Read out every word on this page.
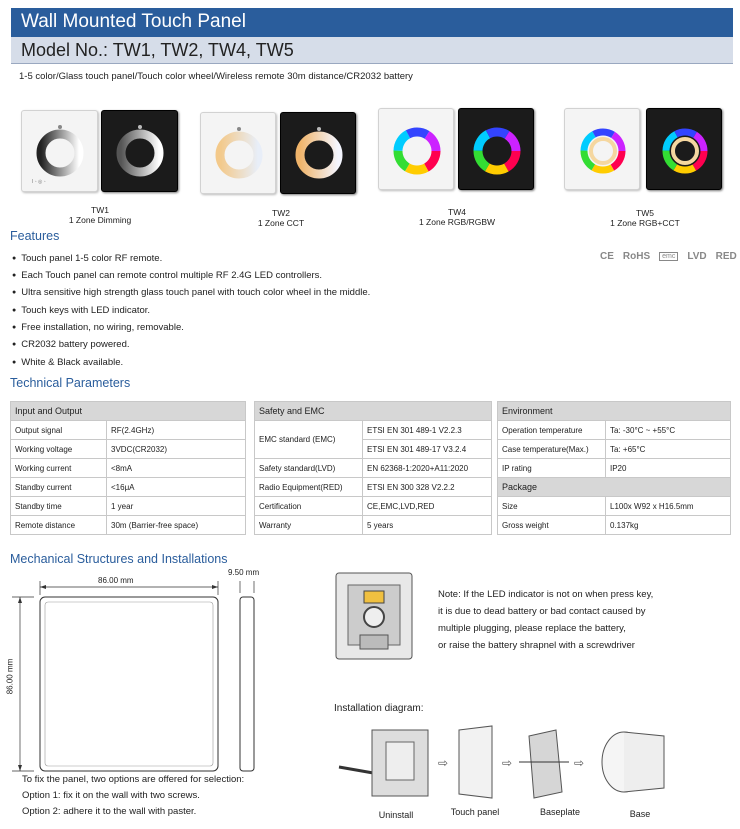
Wall Mounted Touch Panel
Model No.: TW1, TW2, TW4, TW5
1-5 color/Glass touch panel/Touch color wheel/Wireless remote 30m distance/CR2032 battery
I ◦ ◎ ◦
TW1
1 Zone Dimming
TW2
1 Zone CCT
TW4
1 Zone RGB/RGBW
TW5
1 Zone RGB+CCT
Features
● Touch panel 1-5 color RF remote.
● Each Touch panel can remote control multiple RF 2.4G LED controllers.
● Ultra sensitive high strength glass touch panel with touch color wheel in the middle.
● Touch keys with LED indicator.
● Free installation, no wiring, removable.
● CR2032 battery powered.
● White & Black available.
CE RoHS	emc	LVD RED
Technical Parameters
Input and Output	
Output signal	RF(2.4GHz)
Working voltage	3VDC(CR2032)
Working current	<8mA
Standby current	<16μA
Standby time	1 year
Remote distance	30m (Barrier-free space)
Safety and EMC	
EMC standard (EMC)	ETSI EN 301 489-1 V2.2.3
	ETSI EN 301 489-17 V3.2.4
Safety standard(LVD)	EN 62368-1:2020+A11:2020
Radio Equipment(RED)	ETSI EN 300 328 V2.2.2
Certification	CE,EMC,LVD,RED
Warranty	5 years
Environment	
Operation temperature	Ta: -30°C ~ +55°C
Case temperature(Max.)	Ta: +65°C
IP rating	IP20
Package	
Size	L100x W92 x H16.5mm
Gross weight	0.137kg
Mechanical Structures and Installations
86.00 mm
86.00 mm
9.50 mm
To fix the panel, two options are offered for selection:
Option 1: fix it on the wall with two screws.
Option 2: adhere it to the wall with paster.
Note: If the LED indicator is not on when press key,
it is due to dead battery or bad contact caused by
multiple plugging, please replace the battery,
or raise the battery shrapnel with a screwdriver
Installation diagram:
⇨	⇨	⇨
Uninstall	Touch panel	Baseplate	Base
